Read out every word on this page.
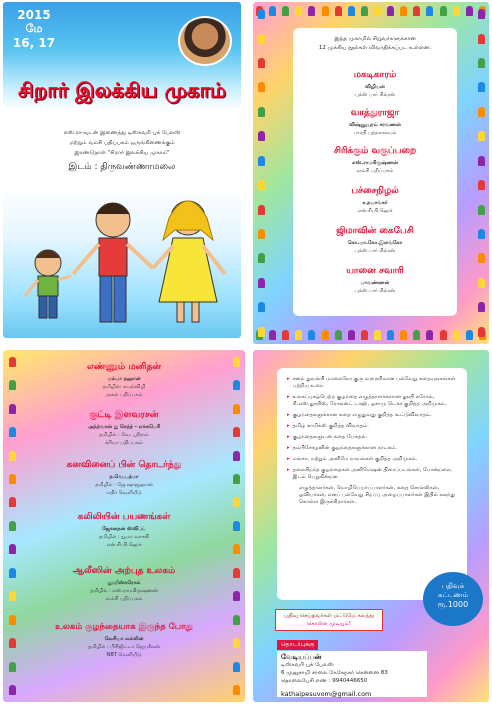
2015
மே
16, 17
சிறார் இலக்கிய முகாம்

எஸ்.ரா-வுடன் இணைந்து டிஸ்கவரி புக் பேலஸ்

மற்றும் வம்சி பதிப்பகம் ஒருங்கிணைக்கும்

இரண்டுநாள் "சிறார் இலக்கிய முகாம்"

இடம் : திருவண்ணாமலை

இந்த முகாமில் சிறுவர்களுக்கான

12 முக்கிய நூல்கள் விவாதிக்கப்பட உள்ளன.

மகடிகாரம்

விழியன்

புக்ஸ் பார் சில்ரன்

வாத்துராஜா

விஷ்ணுபுரம் சரவணன்

பாரதி புத்தகாலயம்

சிரிக்கும் வகுப்பறை

எஸ்.ராமகிருஷ்ணன்

வம்சி பதிப்பகம்

பச்சைநிழல்

உதயசங்கர்

என்.சி.பி.ஹெச்

ஜிமாவின் கைபேசி

கொ.மா.கோ.இளங்கோ

புக்ஸ் பார் சில்ரன்

யானை சவாரி

பாவண்ணன்

புக்ஸ் பார் சில்ரன்

எண்ணும் மனிதன்

மல்பா தஹான்

தமிழில்: கயல்விழி

அகல் பதிப்பகம்

குட்டி இளவரசன்

அந்த்வான் து செந்த் - எக்சுபெரி

தமிழில் : வெ. ஸ்ரீராம்

க்ரியா பதிப்பகம்

கனவினைப் பின் தொடர்ந்து

த.வெ.பத்மா

தமிழில் : ஜே.ஷாஜஹான்

எதிர் வெளியீடு

கலிலியின் பயணங்கள்

ஜோனதன் ஸ்விப்ட்

தமிழில் : யூமா வாசுகி

என்.சி.பி.ஹெச்

ஆலீஸின் அற்புத உலகம்

லூயிஸ்கரோல்

தமிழில் : எஸ்.ராமகிருஷ்ணன்

வம்சி பதிப்பகம்

உலகம் குழந்தையாக இருந்த போது

லெசியா லல்லின்

தமிழில் : பிரிஜிட்டா ஜெயசீலன்

NBT வெளியீடு

▸ சனம் துவங்கி மாலைநேர குரு வரையிலான பல்வேறு கதையுலகங்கள் பற்றிய உரை.
▸ உலகப்புகழ்பெற்ற குழந்தை எழுத்தாளர்களான லூயி கரோல், சி.எஸ்.லூயிஸ், ரோலன்ட் டாஹ், ஓசாமு டெகா குறித்த அறிமுகம்.
▸ குழந்தைகளுக்கான கதை எழுதுவது குறித்த கூட்டுவிவாதம்.
▸ தமிழ் காமிக்ஸ் குறித்த விவாதம்.
▸ குழந்தைகளுடன் கதை பேசுதல்.
▸ தம்பிசோழனின் குழந்தைகளுக்கான நாடகம்.
▸ மங்கா, மற்றும் அனிமே நாவல்கள் குறித்த அறிமுகம்.
▸ தலைசிறந்த குழந்தைகள் அனிமேஷன் திரைப்படங்கள், போன்றவை இடம் பெறுகின்றன

எழுத்தாளர்கள், மொழிபெயர்ப்பாளர்கள், கதை சொல்லிகள், ஓவியர்கள், எனப் பல்வேறு சிறப்பு அழைப்பாளர்கள் இதில் கலந்து கொள்ள இருக்கிறார்கள்.

பதிவு செய்தவர்கள் மட்டுமே கலந்து கொள்ள முடியும்!
பதிவுக்
கட்டணம்
ரூ.1000
தொடர்புக்கு
வேடியப்பன்
டிஸ்கவரி புக் பேலஸ்
6 முனுசாமி சாலை கேகேநகர் சென்னை 83
தொலைபேசி எண் : 9940446650
kathaipesuvom@gmail.com
